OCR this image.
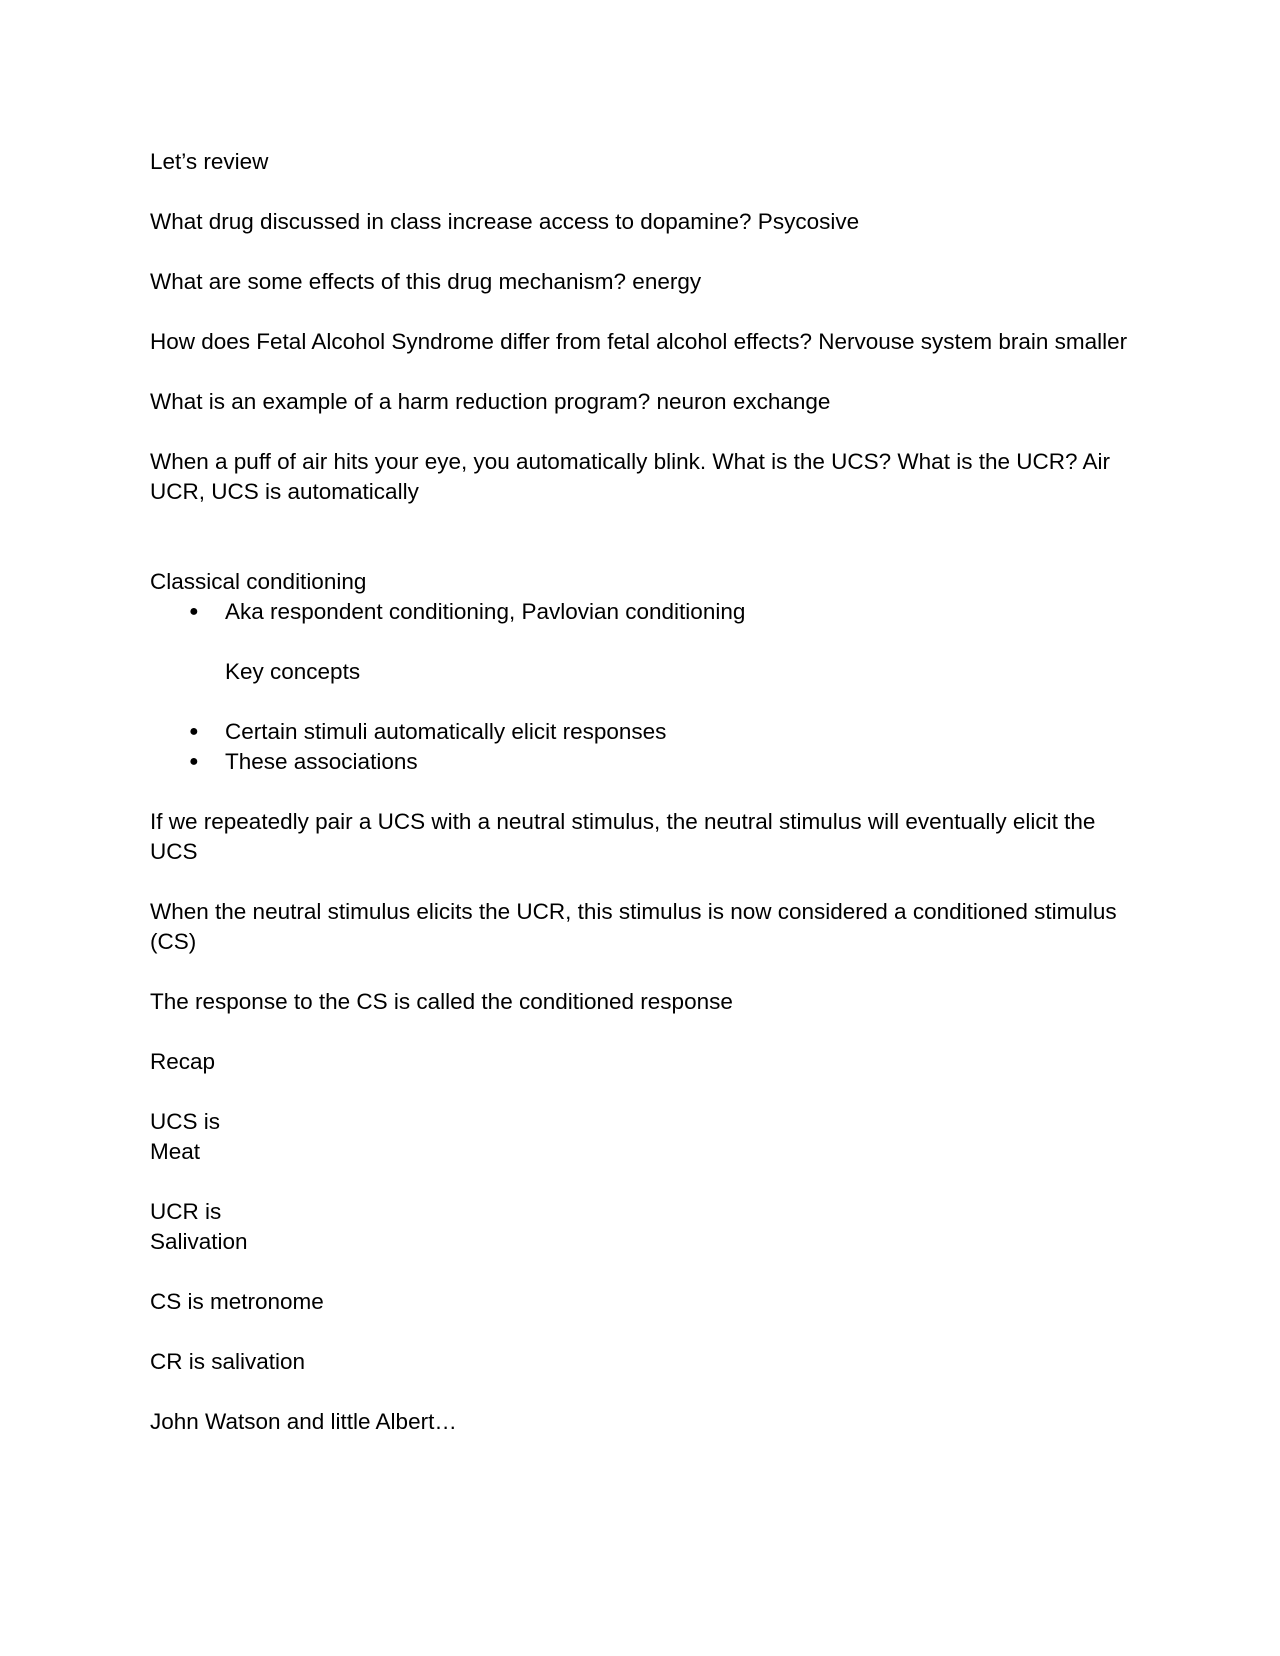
Let’s review

What drug discussed in class increase access to dopamine? Psycosive

What are some effects of this drug mechanism? energy

How does Fetal Alcohol Syndrome differ from fetal alcohol effects? Nervouse system brain smaller

What is an example of a harm reduction program? neuron exchange

When a puff of air hits your eye, you automatically blink. What is the UCS? What is the UCR? Air UCR, UCS is automatically

Classical conditioning

● Aka respondent conditioning, Pavlovian conditioning

Key concepts

● Certain stimuli automatically elicit responses
● These associations

If we repeatedly pair a UCS with a neutral stimulus, the neutral stimulus will eventually elicit the UCS

When the neutral stimulus elicits the UCR, this stimulus is now considered a conditioned stimulus (CS)

The response to the CS is called the conditioned response

Recap

UCS is

Meat

UCR is

Salivation

CS is metronome

CR is salivation

John Watson and little Albert…
